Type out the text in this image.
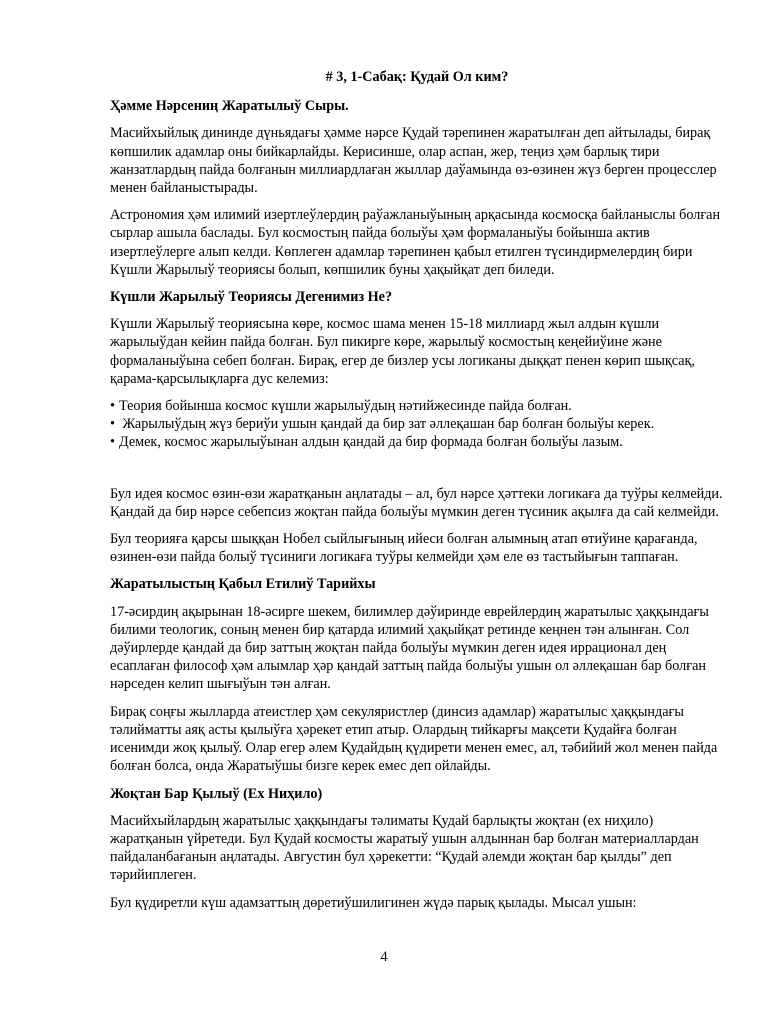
# 3, 1-Сабақ: Қудай Ол ким?
Ҳәмме Нәрсениң Жаратылыў Сыры.

Масийхыйлық дининде дүньядағы ҳәмме нәрсе Қудай тәрепинен жаратылған деп айтылады, бирақ көпшилик адамлар оны бийкарлайды. Керисинше, олар аспан, жер, теңиз ҳәм барлық тири жанзатлардың пайда болғанын миллиардлаған жыллар даўамында өз-өзинен жүз берген процесслер менен байланыстырады.

Астрономия ҳәм илимий изертлеўлердиң раўажланыўының арқасында космосқа байланыслы болған сырлар ашыла баслады. Бул космостың пайда болыўы ҳәм формаланыўы бойынша актив изертлеўлерге алып келди. Көплеген адамлар тәрепинен қабыл етилген түсиндирмелердиң бири Күшли Жарылыў теориясы болып, көпшилик буны ҳақыйқат деп биледи.

Күшли Жарылыў Теориясы Дегенимиз Не?

Күшли Жарылыў теориясына көре, космос шама менен 15-18 миллиард жыл алдын күшли жарылыўдан кейин пайда болған. Бул пикирге көре, жарылыў космостың кеңейиўине және формаланыўына себеп болған. Бирақ, егер де бизлер усы логиканы дыққат пенен көрип шықсақ, қарама-қарсылықларға дус келемиз:

• Теория бойынша космос күшли жарылыўдың нәтийжесинде пайда болған.
• Жарылыўдың жүз бериўи ушын қандай да бир зат әллеқашан бар болған болыўы керек.
• Демек, космос жарылыўынан алдын қандай да бир формада болған болыўы лазым.

Бул идея космос өзин-өзи жаратқанын аңлатады – ал, бул нәрсе ҳәттеки логикаға да туўры келмейди. Қандай да бир нәрсе себепсиз жоқтан пайда болыўы мүмкин деген түсиник ақылға да сай келмейди.

Бул теорияға қарсы шыққан Нобел сыйлығының ийеси болған алымның атап өтиўине қарағанда, өзинен-өзи пайда болыў түсиниги логикаға туўры келмейди ҳәм еле өз тастыйығын таппаған.

Жаратылыстың Қабыл Етилиў Тарийхы

17-әсирдиң ақырынан 18-әсирге шекем, билимлер дәўиринде еврейлердиң жаратылыс ҳаққындағы билими теологик, соның менен бир қатарда илимий ҳақыйқат ретинде кеңнен тән алынған. Сол дәўирлерде қандай да бир заттың жоқтан пайда болыўы мүмкин деген идея иррационал дең есаплаған философ ҳәм алымлар ҳәр қандай заттың пайда болыўы ушын ол әллеқашан бар болған нәрседен келип шығыўын тән алған.

Бирақ соңғы жылларда атеистлер ҳәм секуляристлер (динсиз адамлар) жаратылыс ҳаққындағы тәлийматты аяқ асты қылыўға ҳәрекет етип атыр. Олардың тийкарғы мақсети Қудайға болған исенимди жоқ қылыў. Олар егер әлем Қудайдың қүдирети менен емес, ал, тәбийий жол менен пайда болған болса, онда Жаратыўшы бизге керек емес деп ойлайды.

Жоқтан Бар Қылыў (Ex Ниҳило)

Масийхыйлардың жаратылыс ҳаққындағы тәлиматы Қудай барлықты жоқтан (ex ниҳило) жаратқанын үйретеди. Бул Қудай космосты жаратыў ушын алдыннан бар болған материаллардан пайдаланбағанын аңлатады. Августин бул ҳәрекетти: “Қудай әлемди жоқтан бар қылды” деп тәрийиплеген.

Бул қүдиретли күш адамзаттың дөретиўшилигинен жүдә парық қылады. Мысал ушын:

4
